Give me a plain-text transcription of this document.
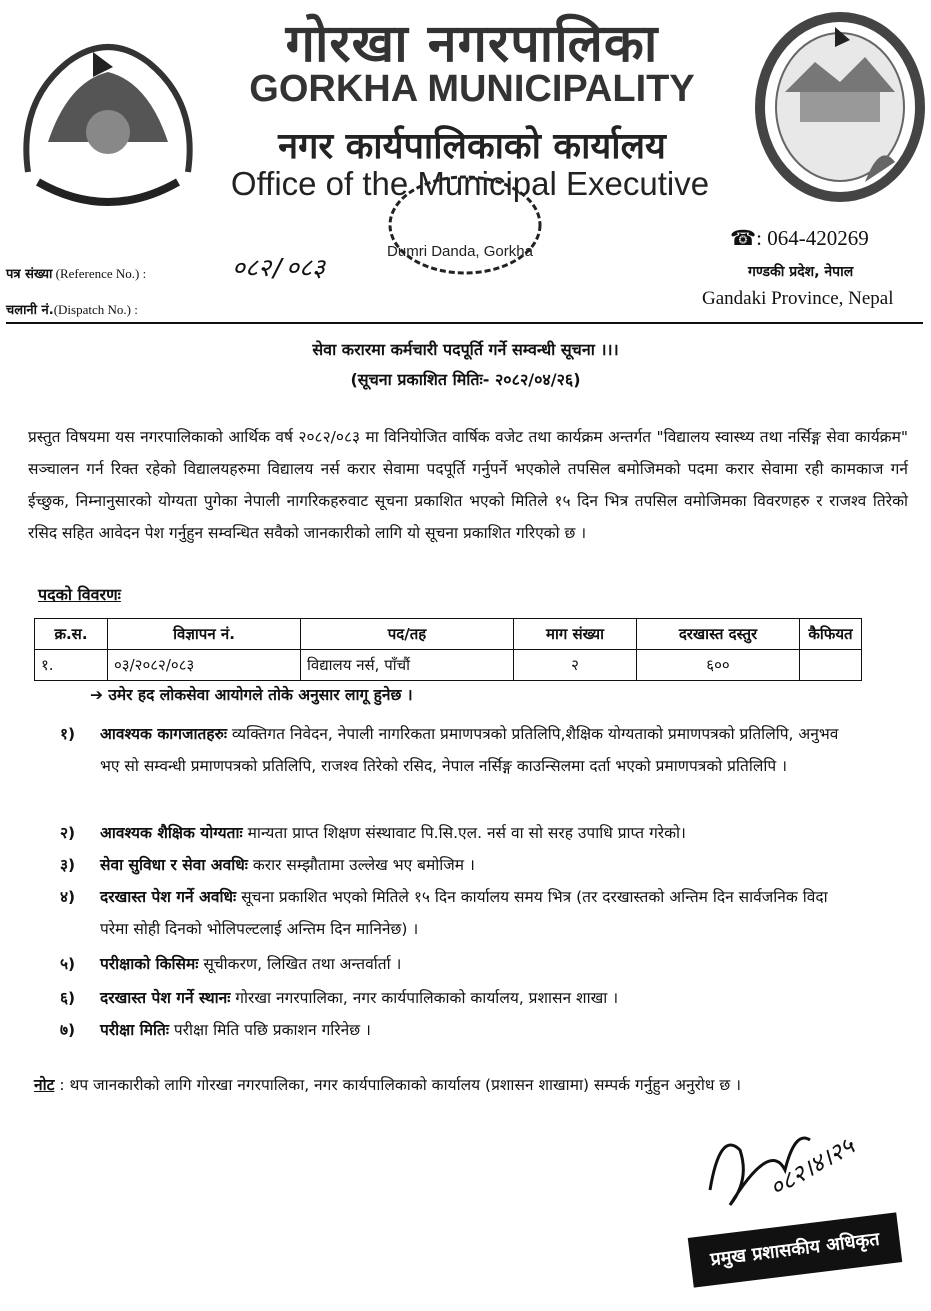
गोरखा नगरपालिका
GORKHA MUNICIPALITY
नगर कार्यपालिकाको कार्यालय
Office of the Municipal Executive
Dumri Danda, Gorkha
☎: 064-420269
गण्डकी प्रदेश, नेपाल
Gandaki Province, Nepal
पत्र संख्या (Reference No.) :	०८२/०८३
चलानी नं.(Dispatch No.) :
सेवा करारमा कर्मचारी पदपूर्ति गर्ने सम्वन्धी सूचना ।।।
(सूचना प्रकाशित मितिः- २०८२/०४/२६)
प्रस्तुत विषयमा यस नगरपालिकाको आर्थिक वर्ष २०८२/०८३ मा विनियोजित वार्षिक वजेट तथा कार्यक्रम अन्तर्गत "विद्यालय स्वास्थ्य तथा नर्सिङ्ग सेवा कार्यक्रम" सञ्चालन गर्न रिक्त रहेको विद्यालयहरुमा विद्यालय नर्स करार सेवामा पदपूर्ति गर्नुपर्ने भएकोले तपसिल बमोजिमको पदमा करार सेवामा रही कामकाज गर्न ईच्छुक, निम्नानुसारको योग्यता पुगेका नेपाली नागरिकहरुवाट सूचना प्रकाशित भएको मितिले १५ दिन भित्र तपसिल वमोजिमका विवरणहरु र राजश्व तिरेको रसिद सहित आवेदन पेश गर्नुहुन सम्वन्धित सवैको जानकारीको लागि यो सूचना प्रकाशित गरिएको छ ।
पदको विवरणः
क्र.स.	विज्ञापन नं.	पद/तह	माग संख्या	दरखास्त दस्तुर	कैफियत
१.	०३/२०८२/०८३	विद्यालय नर्स, पाँचौं	२	६००	
➔ उमेर हद लोकसेवा आयोगले तोके अनुसार लागू हुनेछ ।
१)	आवश्यक कागजातहरुः व्यक्तिगत निवेदन, नेपाली नागरिकता प्रमाणपत्रको प्रतिलिपि,शैक्षिक योग्यताको प्रमाणपत्रको प्रतिलिपि, अनुभव भए सो सम्वन्धी प्रमाणपत्रको प्रतिलिपि, राजश्व तिरेको रसिद, नेपाल नर्सिङ्ग काउन्सिलमा दर्ता भएको प्रमाणपत्रको प्रतिलिपि ।
२)	आवश्यक शैक्षिक योग्यताः मान्यता प्राप्त शिक्षण संस्थावाट पि.सि.एल. नर्स वा सो सरह उपाधि प्राप्त गरेको।
३)	सेवा सुविधा र सेवा अवधिः करार सम्झौतामा उल्लेख भए बमोजिम ।
४)	दरखास्त पेश गर्ने अवधिः सूचना प्रकाशित भएको मितिले १५ दिन कार्यालय समय भित्र (तर दरखास्तको अन्तिम दिन सार्वजनिक विदा परेमा सोही दिनको भोलिपल्टलाई अन्तिम दिन मानिनेछ) ।
५)	परीक्षाको किसिमः सूचीकरण, लिखित तथा अन्तर्वार्ता ।
६)	दरखास्त पेश गर्ने स्थानः गोरखा नगरपालिका, नगर कार्यपालिकाको कार्यालय, प्रशासन शाखा ।
७)	परीक्षा मितिः परीक्षा मिति पछि प्रकाशन गरिनेछ ।
नोट : थप जानकारीको लागि गोरखा नगरपालिका, नगर कार्यपालिकाको कार्यालय (प्रशासन शाखामा) सम्पर्क गर्नुहुन अनुरोध छ ।
०८२।४।२५
प्रमुख प्रशासकीय अधिकृत
